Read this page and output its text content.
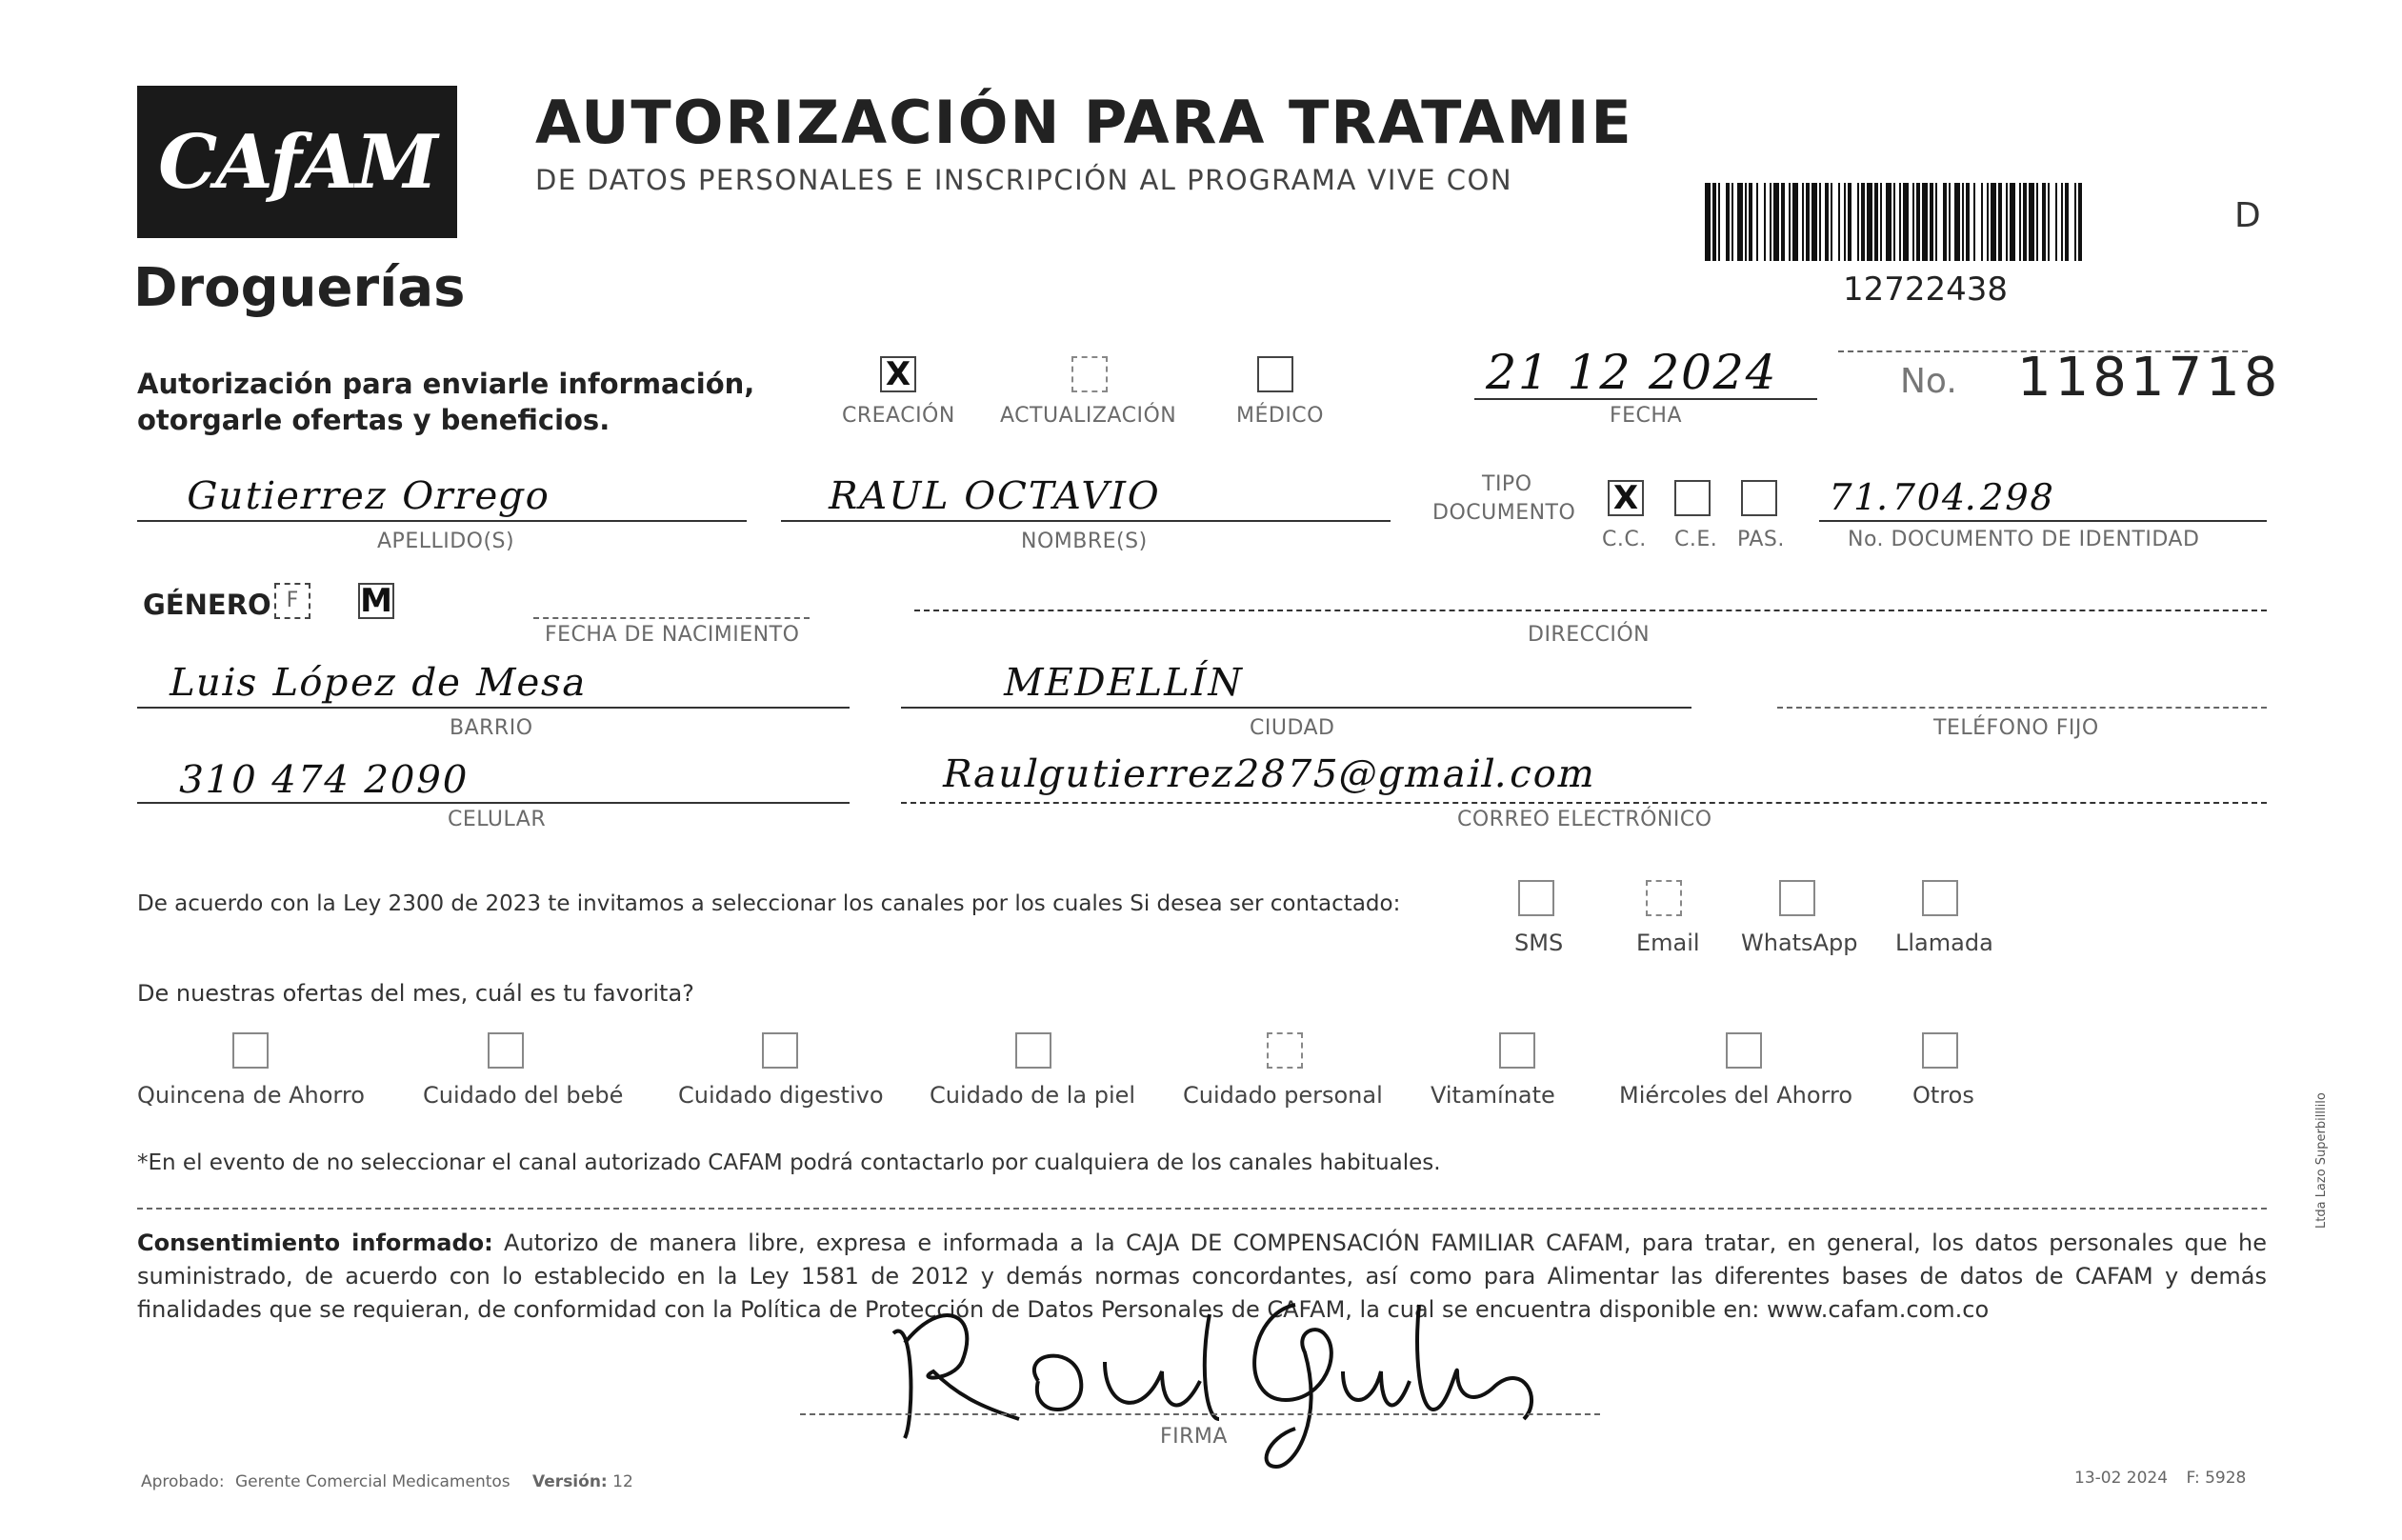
CAfAM
Droguerías
AUTORIZACIÓN PARA TRATAMIE
DE DATOS PERSONALES E INSCRIPCIÓN AL PROGRAMA VIVE CON
12722438
D
Autorización para enviarle información,
otorgarle ofertas y beneficios.
X
CREACIÓN ACTUALIZACIÓN	MÉDICO
21 12 2024
FECHA
No. 1181718
Gutierrez Orrego
APELLIDO(S)
RAUL OCTAVIO
NOMBRE(S)
TIPO
DOCUMENTO X
C.C. C.E. PAS.
71.704.298
No. DOCUMENTO DE IDENTIDAD
GÉNERO F	M
FECHA DE NACIMIENTO	DIRECCIÓN
Luis López de Mesa
BARRIO
MEDELLÍN
CIUDAD	TELÉFONO FIJO
310 474 2090
CELULAR
Raulgutierrez2875@gmail.com
CORREO ELECTRÓNICO
De acuerdo con la Ley 2300 de 2023 te invitamos a seleccionar los canales por los cuales Si desea ser contactado:
SMS	Email WhatsApp Llamada
De nuestras ofertas del mes, cuál es tu favorita?
Quincena de Ahorro	Cuidado del bebé Cuidado digestivo Cuidado de la piel Cuidado personal Vitamínate	Miércoles del Ahorro	Otros
*En el evento de no seleccionar el canal autorizado CAFAM podrá contactarlo por cualquiera de los canales habituales.
Consentimiento informado: Autorizo de manera libre, expresa e informada a la CAJA DE COMPENSACIÓN FAMILIAR CAFAM, para tratar, en general, los datos personales que he suministrado, de acuerdo con lo establecido en la Ley 1581 de 2012 y demás normas concordantes, así como para Alimentar las diferentes bases de datos de CAFAM y demás finalidades que se requieran, de conformidad con la Política de Protección de Datos Personales de CAFAM, la cual se encuentra disponible en: www.cafam.com.co
Raul Gutierrez
FIRMA
Aprobado: Gerente Comercial Medicamentos Versión: 12	13-02 2024 F: 5928
Ltda Lazo Superbilllilo
